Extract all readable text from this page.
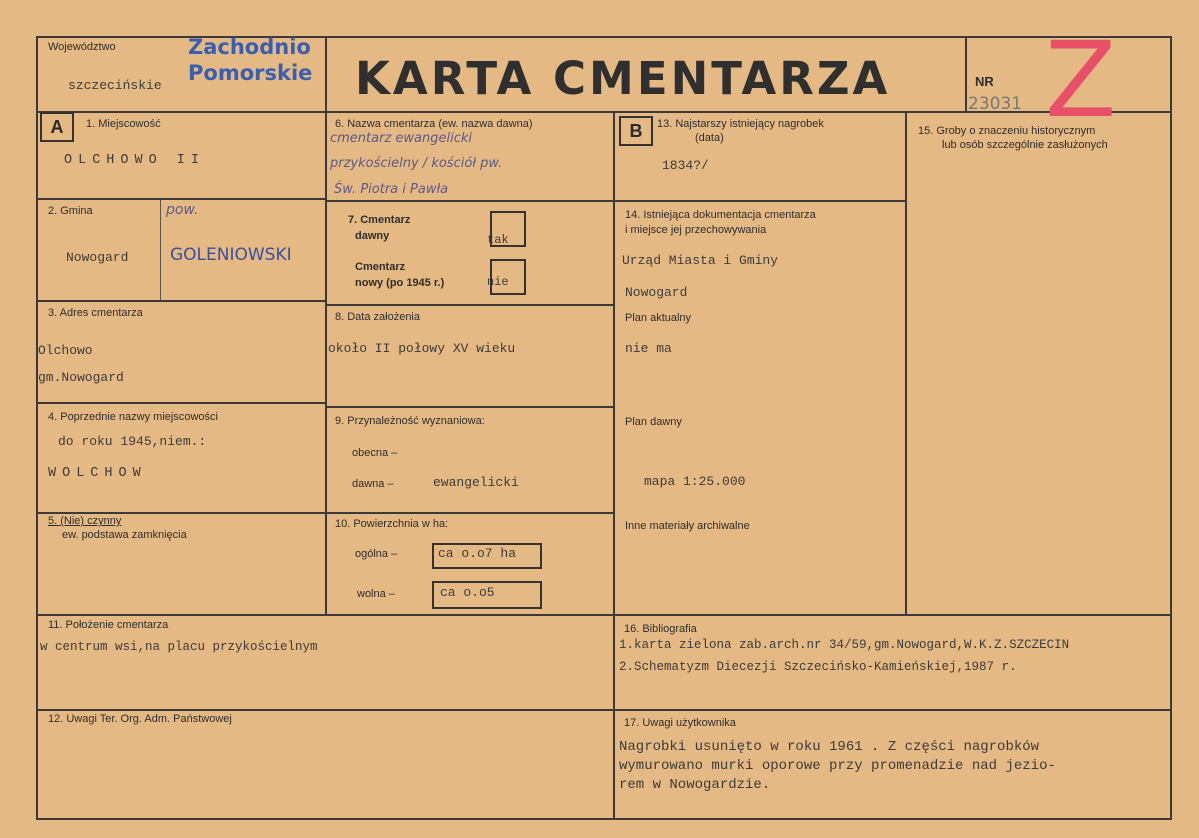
Województwo
szczecińskie
Zachodnio
Pomorskie KARTA CMENTARZA	NR
23031 Z
A	1. Miejscowość
OLCHOWO II
2. Gmina	pow.
Nowogard GOLENIOWSKI
3. Adres cmentarza
Olchowo
gm.Nowogard
4. Poprzednie nazwy miejscowości
do roku 1945,niem.:
WOLCHOW
5. (Nie) czynny
ew. podstawa zamknięcia
6. Nazwa cmentarza (ew. nazwa dawna)
cmentarz ewangelicki
przykościelny / kościół pw.
Św. Piotra i Pawła
7. Cmentarz
dawny	tak
Cmentarz
nowy (po 1945 r.)	nie
8. Data założenia
około II połowy XV wieku
9. Przynależność wyznaniowa:
obecna –
dawna –	ewangelicki
10. Powierzchnia w ha:
ogólna –	ca o.o7 ha
wolna –	ca o.o5
B	13. Najstarszy istniejący nagrobek
(data)
1834?/
14. Istniejąca dokumentacja cmentarza
i miejsce jej przechowywania
Urząd Miasta i Gminy
Nowogard
Plan aktualny
nie ma
Plan dawny
mapa 1:25.000
Inne materiały archiwalne
15. Groby o znaczeniu historycznym
lub osób szczególnie zasłużonych
11. Położenie cmentarza
w centrum wsi,na placu przykościelnym
12. Uwagi Ter. Org. Adm. Państwowej
16. Bibliografia
1.karta zielona zab.arch.nr 34/59,gm.Nowogard,W.K.Z.SZCZECIN
2.Schematyzm Diecezji Szczecińsko-Kamieńskiej,1987 r.
17. Uwagi użytkownika
Nagrobki usunięto w roku 1961 . Z części nagrobków
wymurowano murki oporowe przy promenadzie nad jezio-
rem w Nowogardzie.
